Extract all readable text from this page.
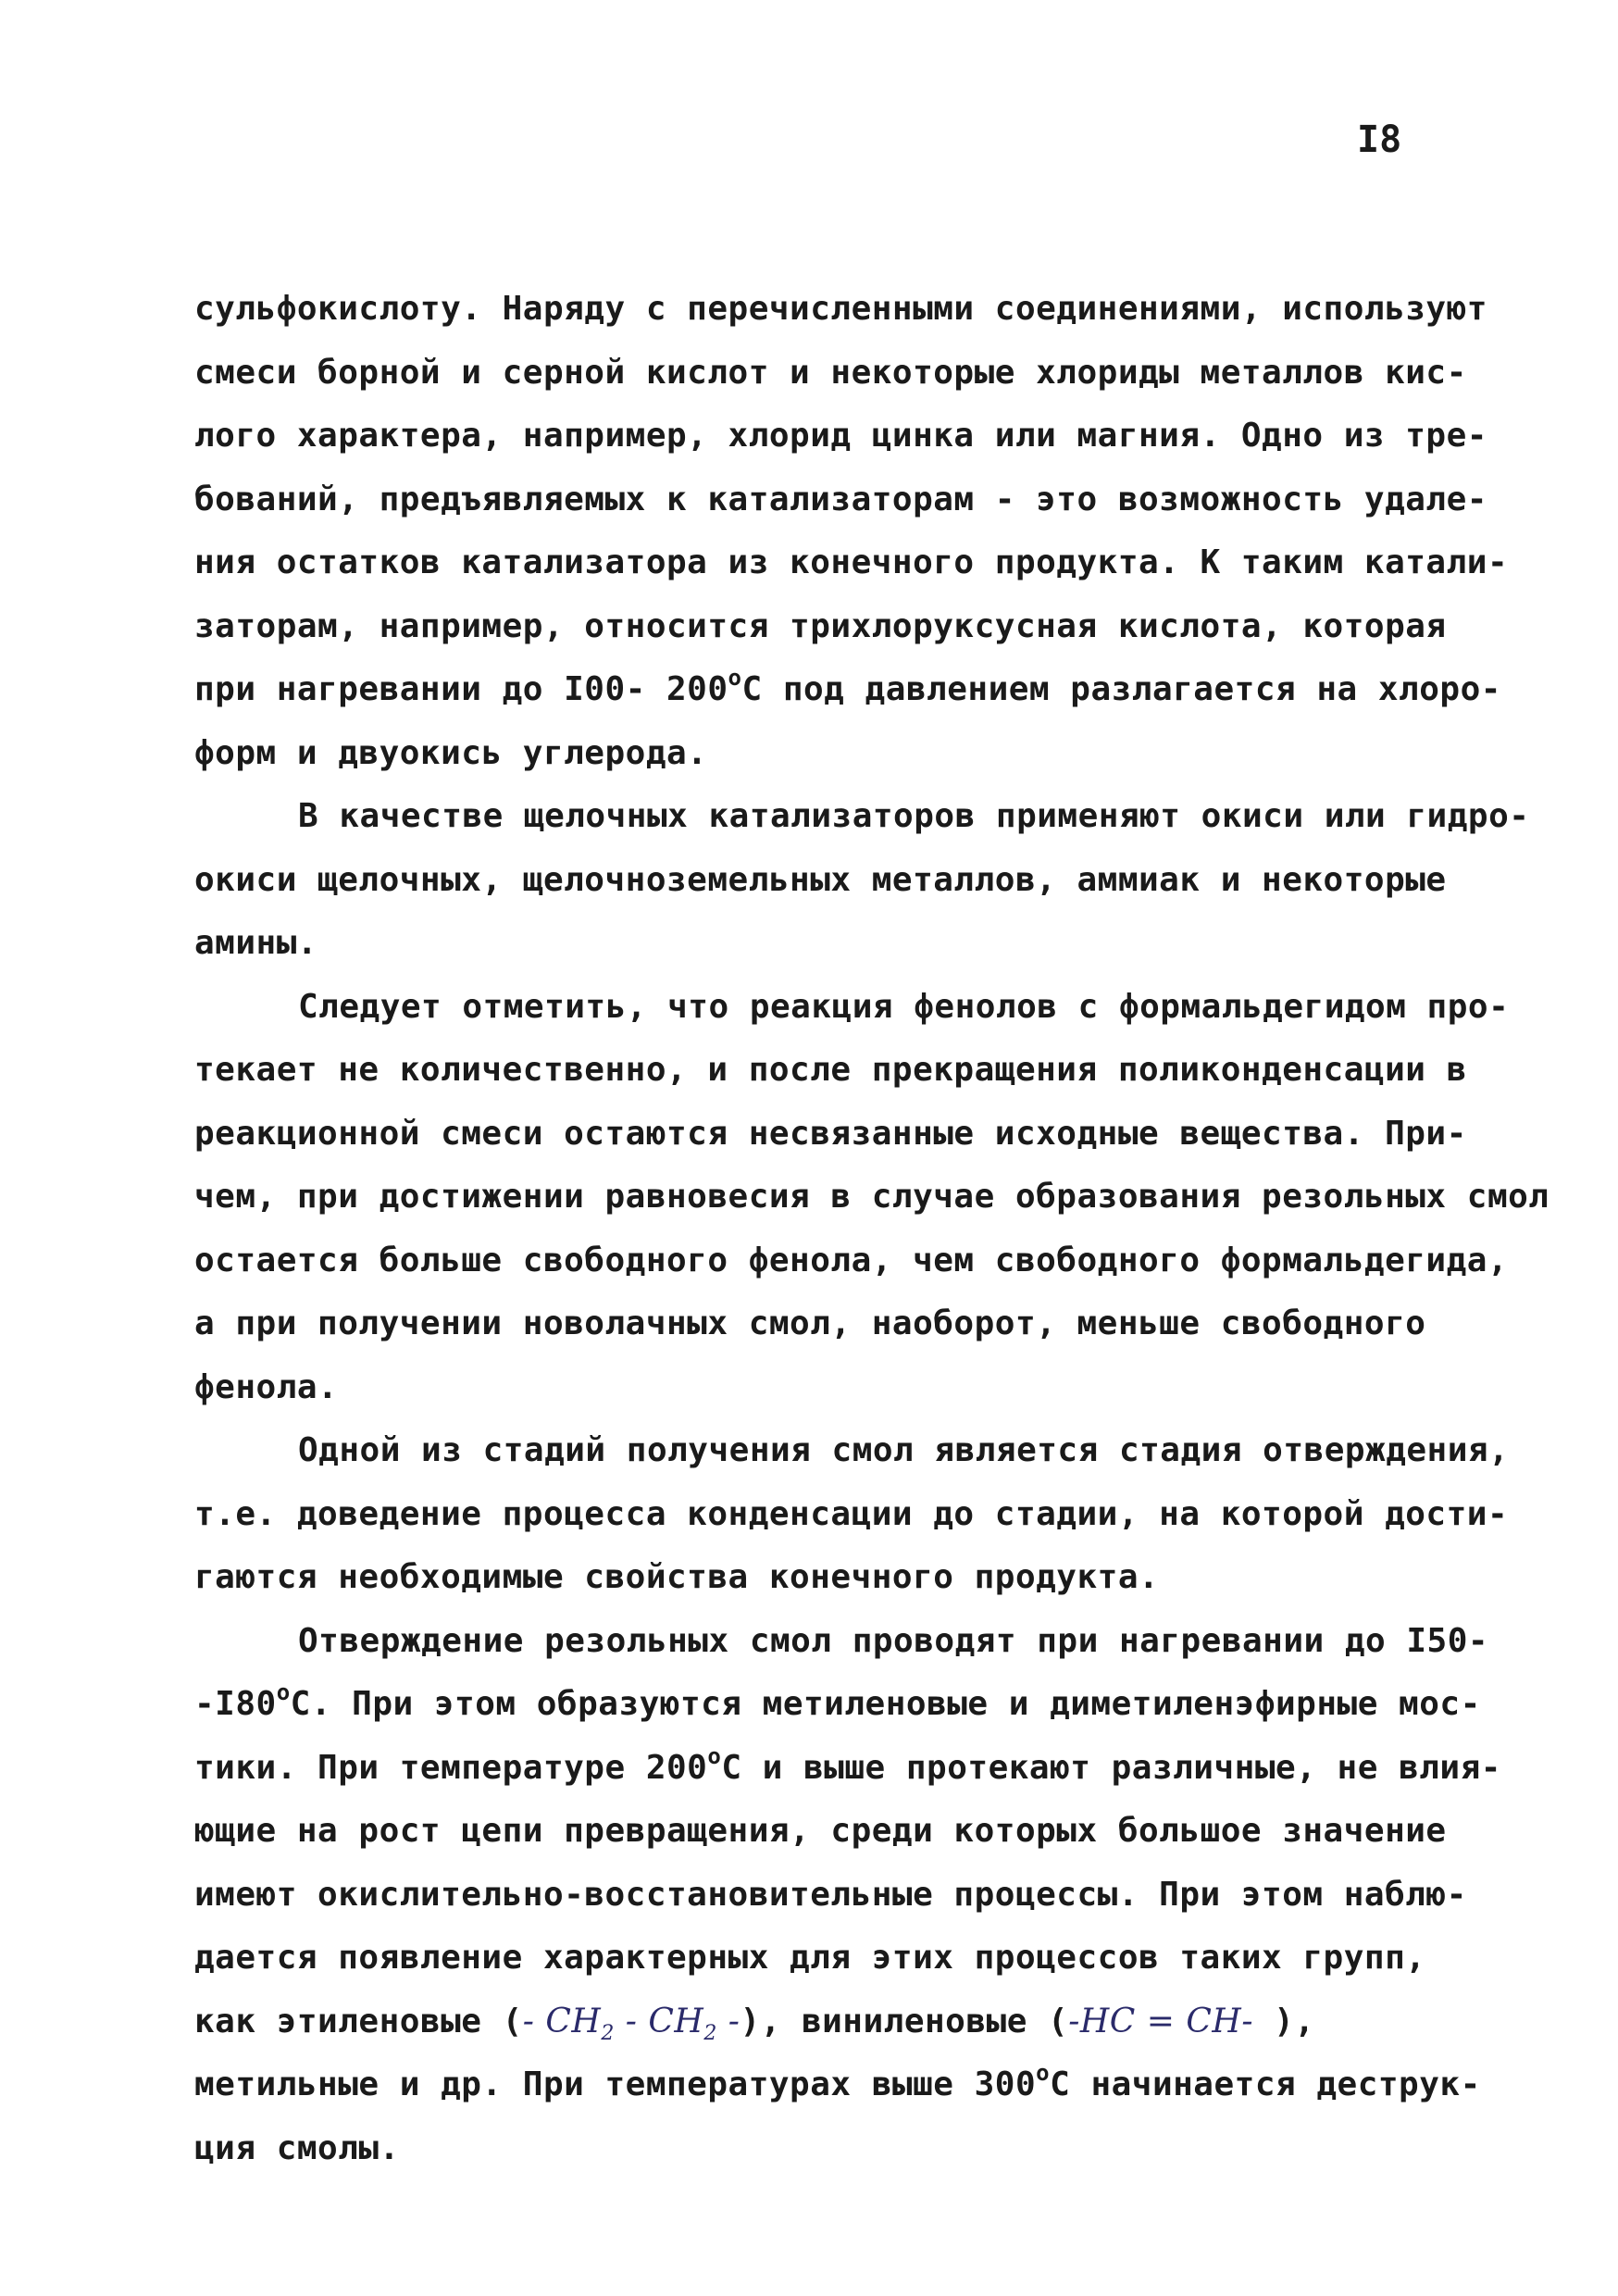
I8
сульфокислоту. Наряду с перечисленными соединениями, используют
смеси борной и серной кислот и некоторые хлориды металлов кис-
лого характера, например, хлорид цинка или магния. Одно из тре-
бований, предъявляемых к катализаторам - это возможность удале-
ния остатков катализатора из конечного продукта. К таким катали-
заторам, например, относится трихлоруксусная кислота, которая
при нагревании до I00- 200$^o$C под давлением разлагается на хлоро-
форм и двуокись углерода.
В качестве щелочных катализаторов применяют окиси или гидро-
окиси щелочных, щелочноземельных металлов, аммиак и некоторые
амины.
Следует отметить, что реакция фенолов с формальдегидом про-
текает не количественно, и после прекращения поликонденсации в
реакционной смеси остаются несвязанные исходные вещества. При-
чем, при достижении равновесия в случае образования резольных смол
остается больше свободного фенола, чем свободного формальдегида,
а при получении новолачных смол, наоборот, меньше свободного
фенола.
Одной из стадий получения смол является стадия отверждения,
т.е. доведение процесса конденсации до стадии, на которой дости-
гаются необходимые свойства конечного продукта.
Отверждение резольных смол проводят при нагревании до I50-
-I80$^o$C. При этом образуются метиленовые и диметиленэфирные мос-
тики. При температуре 200$^o$C и выше протекают различные, не влия-
ющие на рост цепи превращения, среди которых большое значение
имеют окислительно-восстановительные процессы. При этом наблю-
дается появление характерных для этих процессов таких групп,
как этиленовые (- $CH_2 - CH_2$ -), виниленовые (-HC = CH- ),
метильные и др. При температурах выше 300$^o$C начинается деструк-
ция смолы.
